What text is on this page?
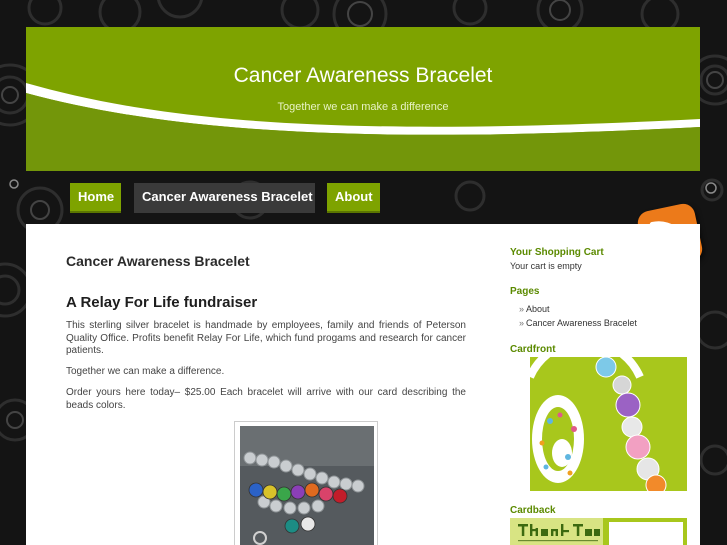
Cancer Awareness Bracelet
Together we can make a difference
Home	Cancer Awareness Bracelet	About
Cancer Awareness Bracelet
A Relay For Life fundraiser

This sterling silver bracelet is handmade by employees, family and friends of Peterson Quality Office. Profits benefit Relay For Life, which fund progams and research for cancer patients.

Together we can make a difference.

Order yours here today– $25.00 Each bracelet will arrive with our card describing the beads colors.

Your Shopping Cart
Your cart is empty
Pages
» About
» Cancer Awareness Bracelet
Cardfront
Cardback
